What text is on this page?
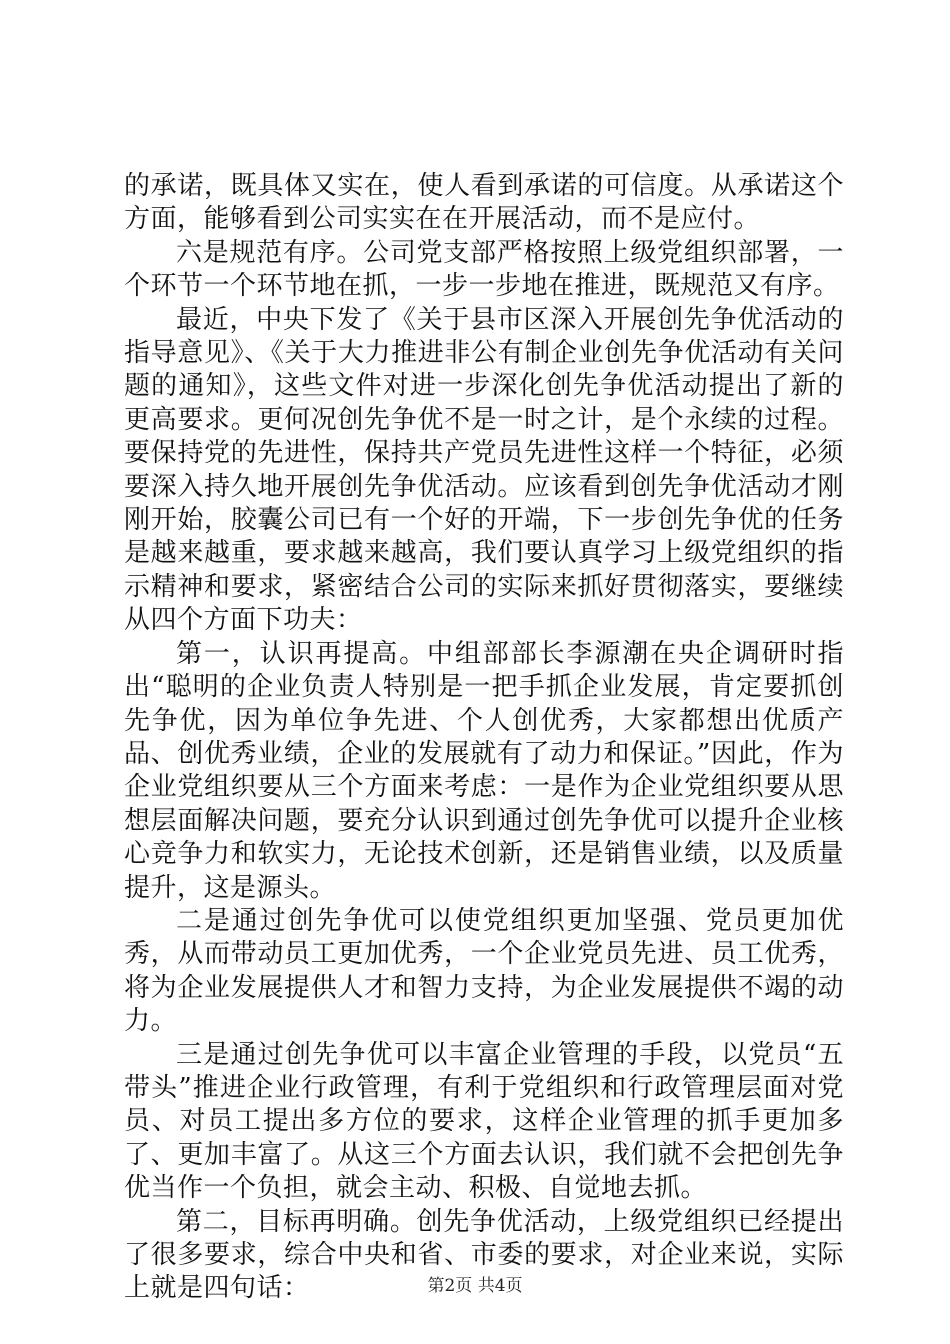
的承诺，既具体又实在，使人看到承诺的可信度。从承诺这个方面，能够看到公司实实在在开展活动，而不是应付。

六是规范有序。公司党支部严格按照上级党组织部署，一个环节一个环节地在抓，一步一步地在推进，既规范又有序。

最近，中央下发了《关于县市区深入开展创先争优活动的指导意见》、《关于大力推进非公有制企业创先争优活动有关问题的通知》，这些文件对进一步深化创先争优活动提出了新的更高要求。更何况创先争优不是一时之计，是个永续的过程。要保持党的先进性，保持共产党员先进性这样一个特征，必须要深入持久地开展创先争优活动。应该看到创先争优活动才刚刚开始，胶囊公司已有一个好的开端，下一步创先争优的任务是越来越重，要求越来越高，我们要认真学习上级党组织的指示精神和要求，紧密结合公司的实际来抓好贯彻落实，要继续从四个方面下功夫：

第一，认识再提高。中组部部长李源潮在央企调研时指出“聪明的企业负责人特别是一把手抓企业发展，肯定要抓创先争优，因为单位争先进、个人创优秀，大家都想出优质产品、创优秀业绩，企业的发展就有了动力和保证。”因此，作为企业党组织要从三个方面来考虑：一是作为企业党组织要从思想层面解决问题，要充分认识到通过创先争优可以提升企业核心竞争力和软实力，无论技术创新，还是销售业绩，以及质量提升，这是源头。

二是通过创先争优可以使党组织更加坚强、党员更加优秀，从而带动员工更加优秀，一个企业党员先进、员工优秀，将为企业发展提供人才和智力支持，为企业发展提供不竭的动力。

三是通过创先争优可以丰富企业管理的手段，以党员“五带头”推进企业行政管理，有利于党组织和行政管理层面对党员、对员工提出多方位的要求，这样企业管理的抓手更加多了、更加丰富了。从这三个方面去认识，我们就不会把创先争优当作一个负担，就会主动、积极、自觉地去抓。

第二，目标再明确。创先争优活动，上级党组织已经提出了很多要求，综合中央和省、市委的要求，对企业来说，实际上就是四句话：	第2页 共4页
